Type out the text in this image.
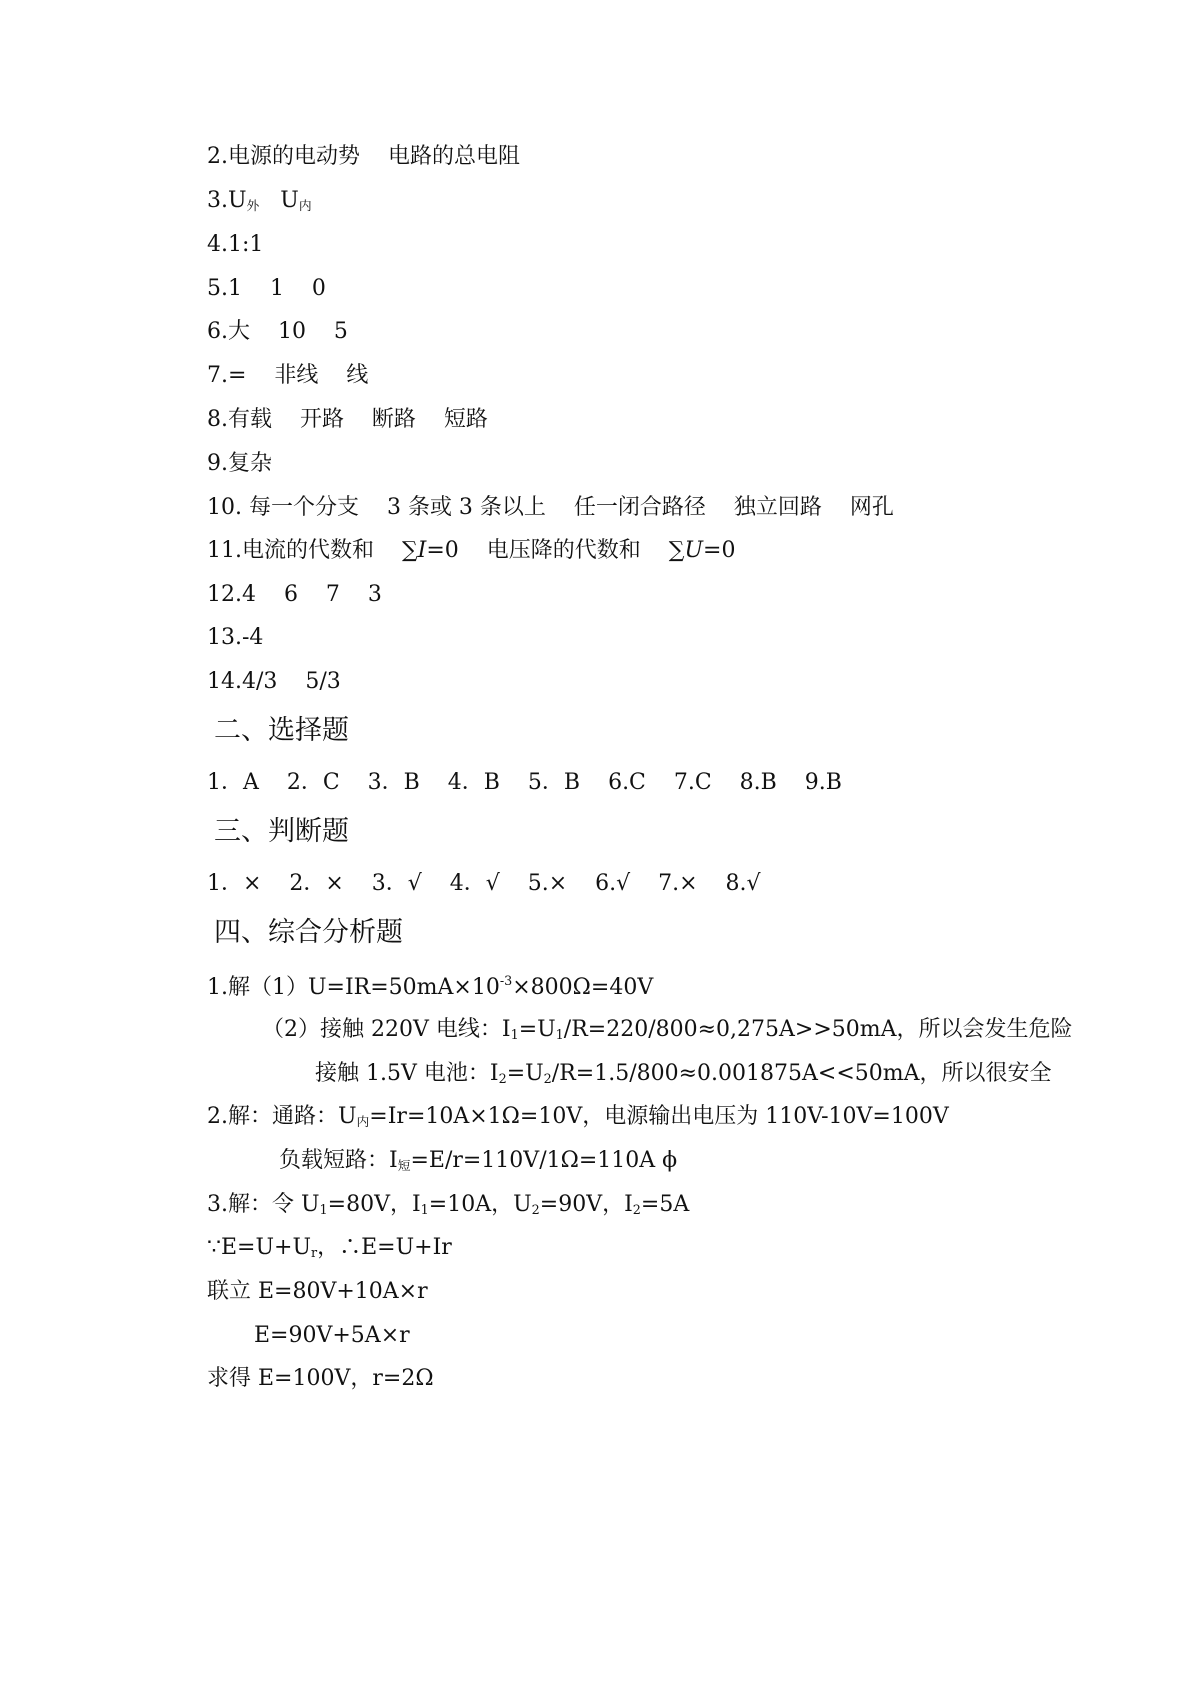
2.电源的电动势    电路的总电阻
$3.U_外$   $U_内$
4.1:1
5.1    1    0
6.大    10    5
7.=    非线    线
8.有载    开路    断路    短路
9.复杂
10. 每一个分支    3 条或 3 条以上    任一闭合路径    独立回路    网孔
11.电流的代数和    ∑I=0    电压降的代数和    ∑U=0
12.4    6    7    3
13.-4
14.4/3    5/3
二、选择题
1．A    2．C    3．B    4．B    5．B    6.C    7.C    8.B    9.B
三、判断题
1．×    2．×    3．√    4．√    5.×    6.√    7.×    8.√
四、综合分析题
1.解$(1)U=IR=50mA\times 10^{-3}\times 800\Omega=40V$
（2）接触 220V 电线：$I_1=U_1/R=220/800\approx 0,275A>>50mA$，所以会发生危险
接触 1.5V 电池：$I_2=U_2/R=1.5/800\approx 0.001875A<<50mA$，所以很安全
2.解：通路：$U_内=Ir=10A\times 1\Omega=10V$，电源输出电压为 110V-10V=100V
负载短路：$I_短=E/r=110V/1\Omega=110A$ ϕ
3.解：令 $U_1=80V$，$I_1=10A$，$U_2=90V$，$I_2=5A$
$\because E=U+U_r$，∴E=U+Ir
联立 E=80V+10A×r
E=90V+5A×r
求得 E=100V，r=2Ω
